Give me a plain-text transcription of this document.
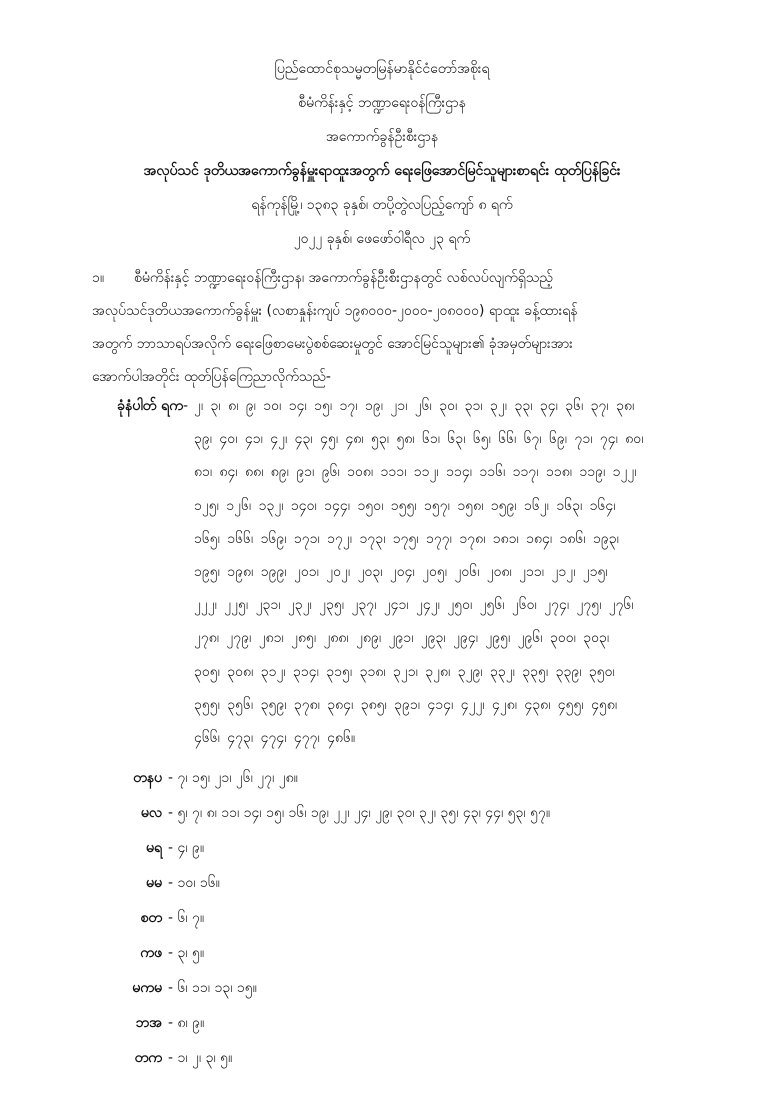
ပြည်ထောင်စုသမ္မတမြန်မာနိုင်ငံတော်အစိုးရ
စီမံကိန်းနှင့် ဘဏ္ဍာရေးဝန်ကြီးဌာန
အကောက်ခွန်ဦးစီးဌာန
အလုပ်သင် ဒုတိယအကောက်ခွန်မှူးရာထူးအတွက် ရေးဖြေအောင်မြင်သူများစာရင်း ထုတ်ပြန်ခြင်း
ရန်ကုန်မြို့၊ ၁၃၈၃ ခုနှစ်၊ တပို့တွဲလပြည့်ကျော် ၈ ရက်
၂၀၂၂ ခုနှစ်၊ ဖေဖော်ဝါရီလ ၂၃ ရက်

၁။ စီမံကိန်းနှင့် ဘဏ္ဍာရေးဝန်ကြီးဌာန၊ အကောက်ခွန်ဦးစီးဌာနတွင် လစ်လပ်လျက်ရှိသည့်

အလုပ်သင်ဒုတိယအကောက်ခွန်မှူး (လစာနှုန်းကျပ် ၁၉၈၀၀၀-၂၀၀၀-၂၀၈၀၀၀) ရာထူး ခန့်ထားရန်

အတွက် ဘာသာရပ်အလိုက် ရေးဖြေစာမေးပွဲစစ်ဆေးမှုတွင် အောင်မြင်သူများ၏ ခုံအမှတ်များအား

အောက်ပါအတိုင်း ထုတ်ပြန်ကြေညာလိုက်သည်-

ခုံနံပါတ် ရက- ၂၊ ၃၊ ၈၊ ၉၊ ၁၀၊ ၁၄၊ ၁၅၊ ၁၇၊ ၁၉၊ ၂၁၊ ၂၆၊ ၃၀၊ ၃၁၊ ၃၂၊ ၃၃၊ ၃၄၊ ၃၆၊ ၃၇၊ ၃၈၊
၃၉၊ ၄၀၊ ၄၁၊ ၄၂၊ ၄၃၊ ၄၅၊ ၄၈၊ ၅၃၊ ၅၈၊ ၆၁၊ ၆၃၊ ၆၅၊ ၆၆၊ ၆၇၊ ၆၉၊ ၇၁၊ ၇၄၊ ၈၀၊
၈၁၊ ၈၄၊ ၈၈၊ ၈၉၊ ၉၁၊ ၉၆၊ ၁၀၈၊ ၁၁၁၊ ၁၁၂၊ ၁၁၄၊ ၁၁၆၊ ၁၁၇၊ ၁၁၈၊ ၁၁၉၊ ၁၂၂၊
၁၂၅၊ ၁၂၆၊ ၁၃၂၊ ၁၄၀၊ ၁၄၄၊ ၁၅၀၊ ၁၅၅၊ ၁၅၇၊ ၁၅၈၊ ၁၅၉၊ ၁၆၂၊ ၁၆၃၊ ၁၆၄၊
၁၆၅၊ ၁၆၆၊ ၁၆၉၊ ၁၇၁၊ ၁၇၂၊ ၁၇၃၊ ၁၇၅၊ ၁၇၇၊ ၁၇၈၊ ၁၈၁၊ ၁၈၄၊ ၁၈၆၊ ၁၉၃၊
၁၉၅၊ ၁၉၈၊ ၁၉၉၊ ၂၀၁၊ ၂၀၂၊ ၂၀၃၊ ၂၀၄၊ ၂၀၅၊ ၂၀၆၊ ၂၀၈၊ ၂၁၁၊ ၂၁၂၊ ၂၁၅၊
၂၂၂၊ ၂၂၅၊ ၂၃၁၊ ၂၃၂၊ ၂၃၅၊ ၂၃၇၊ ၂၄၁၊ ၂၄၂၊ ၂၅၀၊ ၂၅၆၊ ၂၆၀၊ ၂၇၄၊ ၂၇၅၊ ၂၇၆၊
၂၇၈၊ ၂၇၉၊ ၂၈၁၊ ၂၈၅၊ ၂၈၈၊ ၂၈၉၊ ၂၉၁၊ ၂၉၃၊ ၂၉၄၊ ၂၉၅၊ ၂၉၆၊ ၃၀၀၊ ၃၀၃၊
၃၀၅၊ ၃၀၈၊ ၃၁၂၊ ၃၁၄၊ ၃၁၅၊ ၃၁၈၊ ၃၂၁၊ ၃၂၈၊ ၃၂၉၊ ၃၃၂၊ ၃၃၅၊ ၃၃၉၊ ၃၅၀၊
၃၅၅၊ ၃၅၆၊ ၃၅၉၊ ၃၇၈၊ ၃၈၄၊ ၃၈၅၊ ၃၉၁၊ ၄၁၄၊ ၄၂၂၊ ၄၂၈၊ ၄၃၈၊ ၄၅၅၊ ၄၅၈၊
၄၆၆၊ ၄၇၃၊ ၄၇၄၊ ၄၇၇၊ ၄၈၆။
တနပ - ၇၊ ၁၅၊ ၂၁၊ ၂၆၊ ၂၇၊ ၂၈။
မလ - ၅၊ ၇၊ ၈၊ ၁၁၊ ၁၄၊ ၁၅၊ ၁၆၊ ၁၉၊ ၂၂၊ ၂၄၊ ၂၉၊ ၃၀၊ ၃၂၊ ၃၅၊ ၄၃၊ ၄၄၊ ၅၃၊ ၅၇။
မရ - ၄၊ ၉။
မမ - ၁၀၊ ၁၆။
စတ - ၆၊ ၇။
ကဖ - ၃၊ ၅။
မကမ - ၆၊ ၁၁၊ ၁၃၊ ၁၅။
ဘအ - ၈၊ ၉။
တက - ၁၊ ၂၊ ၃၊ ၅။
